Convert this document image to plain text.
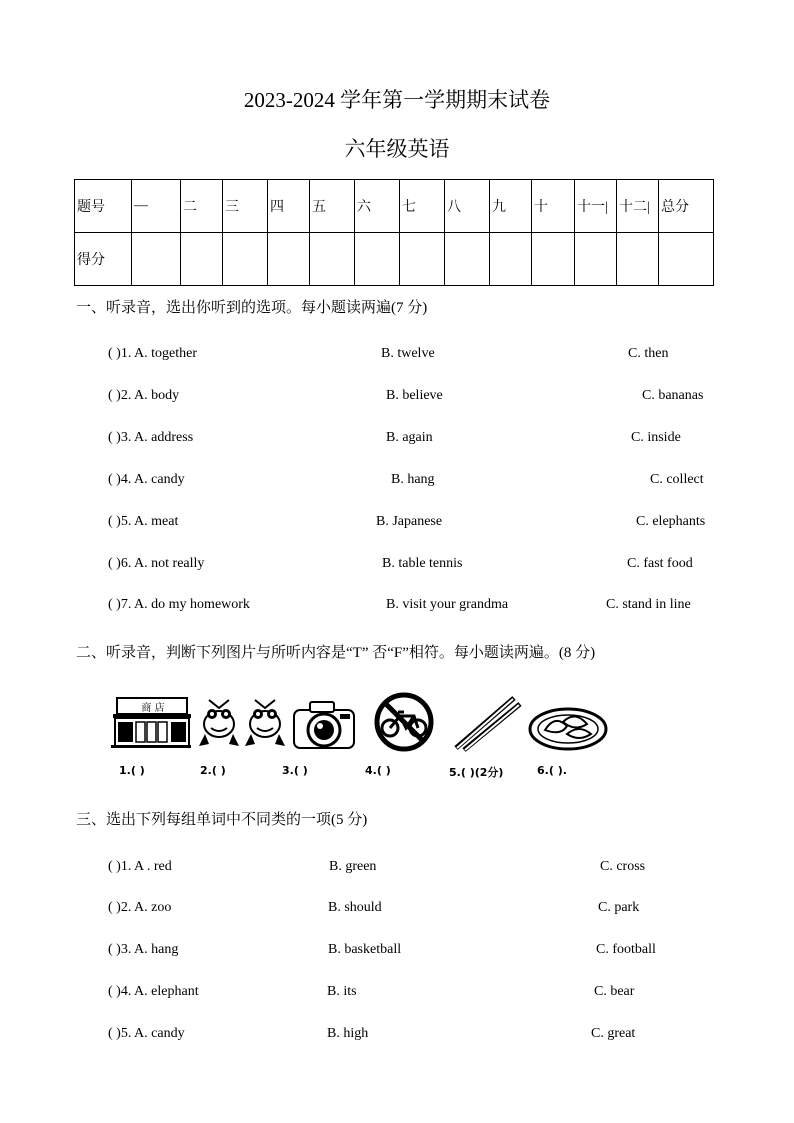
2023-2024 学年第一学期期末试卷
六年级英语
题号	—	二	三	四	五	六	七	八	九	十	十一|	十二|	总分
得分													
一、听录音，选出你听到的选项。每小题读两遍(7 分)
( )1. A. together	B. twelve	C. then
( )2. A. body	B. believe	C. bananas
( )3. A. address	B. again	C. inside
( )4. A. candy	B. hang	C. collect
( )5. A. meat	B. Japanese	C. elephants
( )6. A. not really	B. table tennis	C. fast food
( )7. A. do my homework	B. visit your grandma	C. stand in line
二、听录音，判断下列图片与所听内容是“T” 否“F”相符。每小题读两遍。(8 分)
商 店
1.( )	2.( )	3.( )	4.( )	5.( )(2分)	6.( ).
三、选出下列每组单词中不同类的一项(5 分)
( )1. A . red	B. green	C. cross
( )2. A. zoo	B. should	C. park
( )3. A. hang	B. basketball	C. football
( )4. A. elephant	B. its	C. bear
( )5. A. candy	B. high	C. great
